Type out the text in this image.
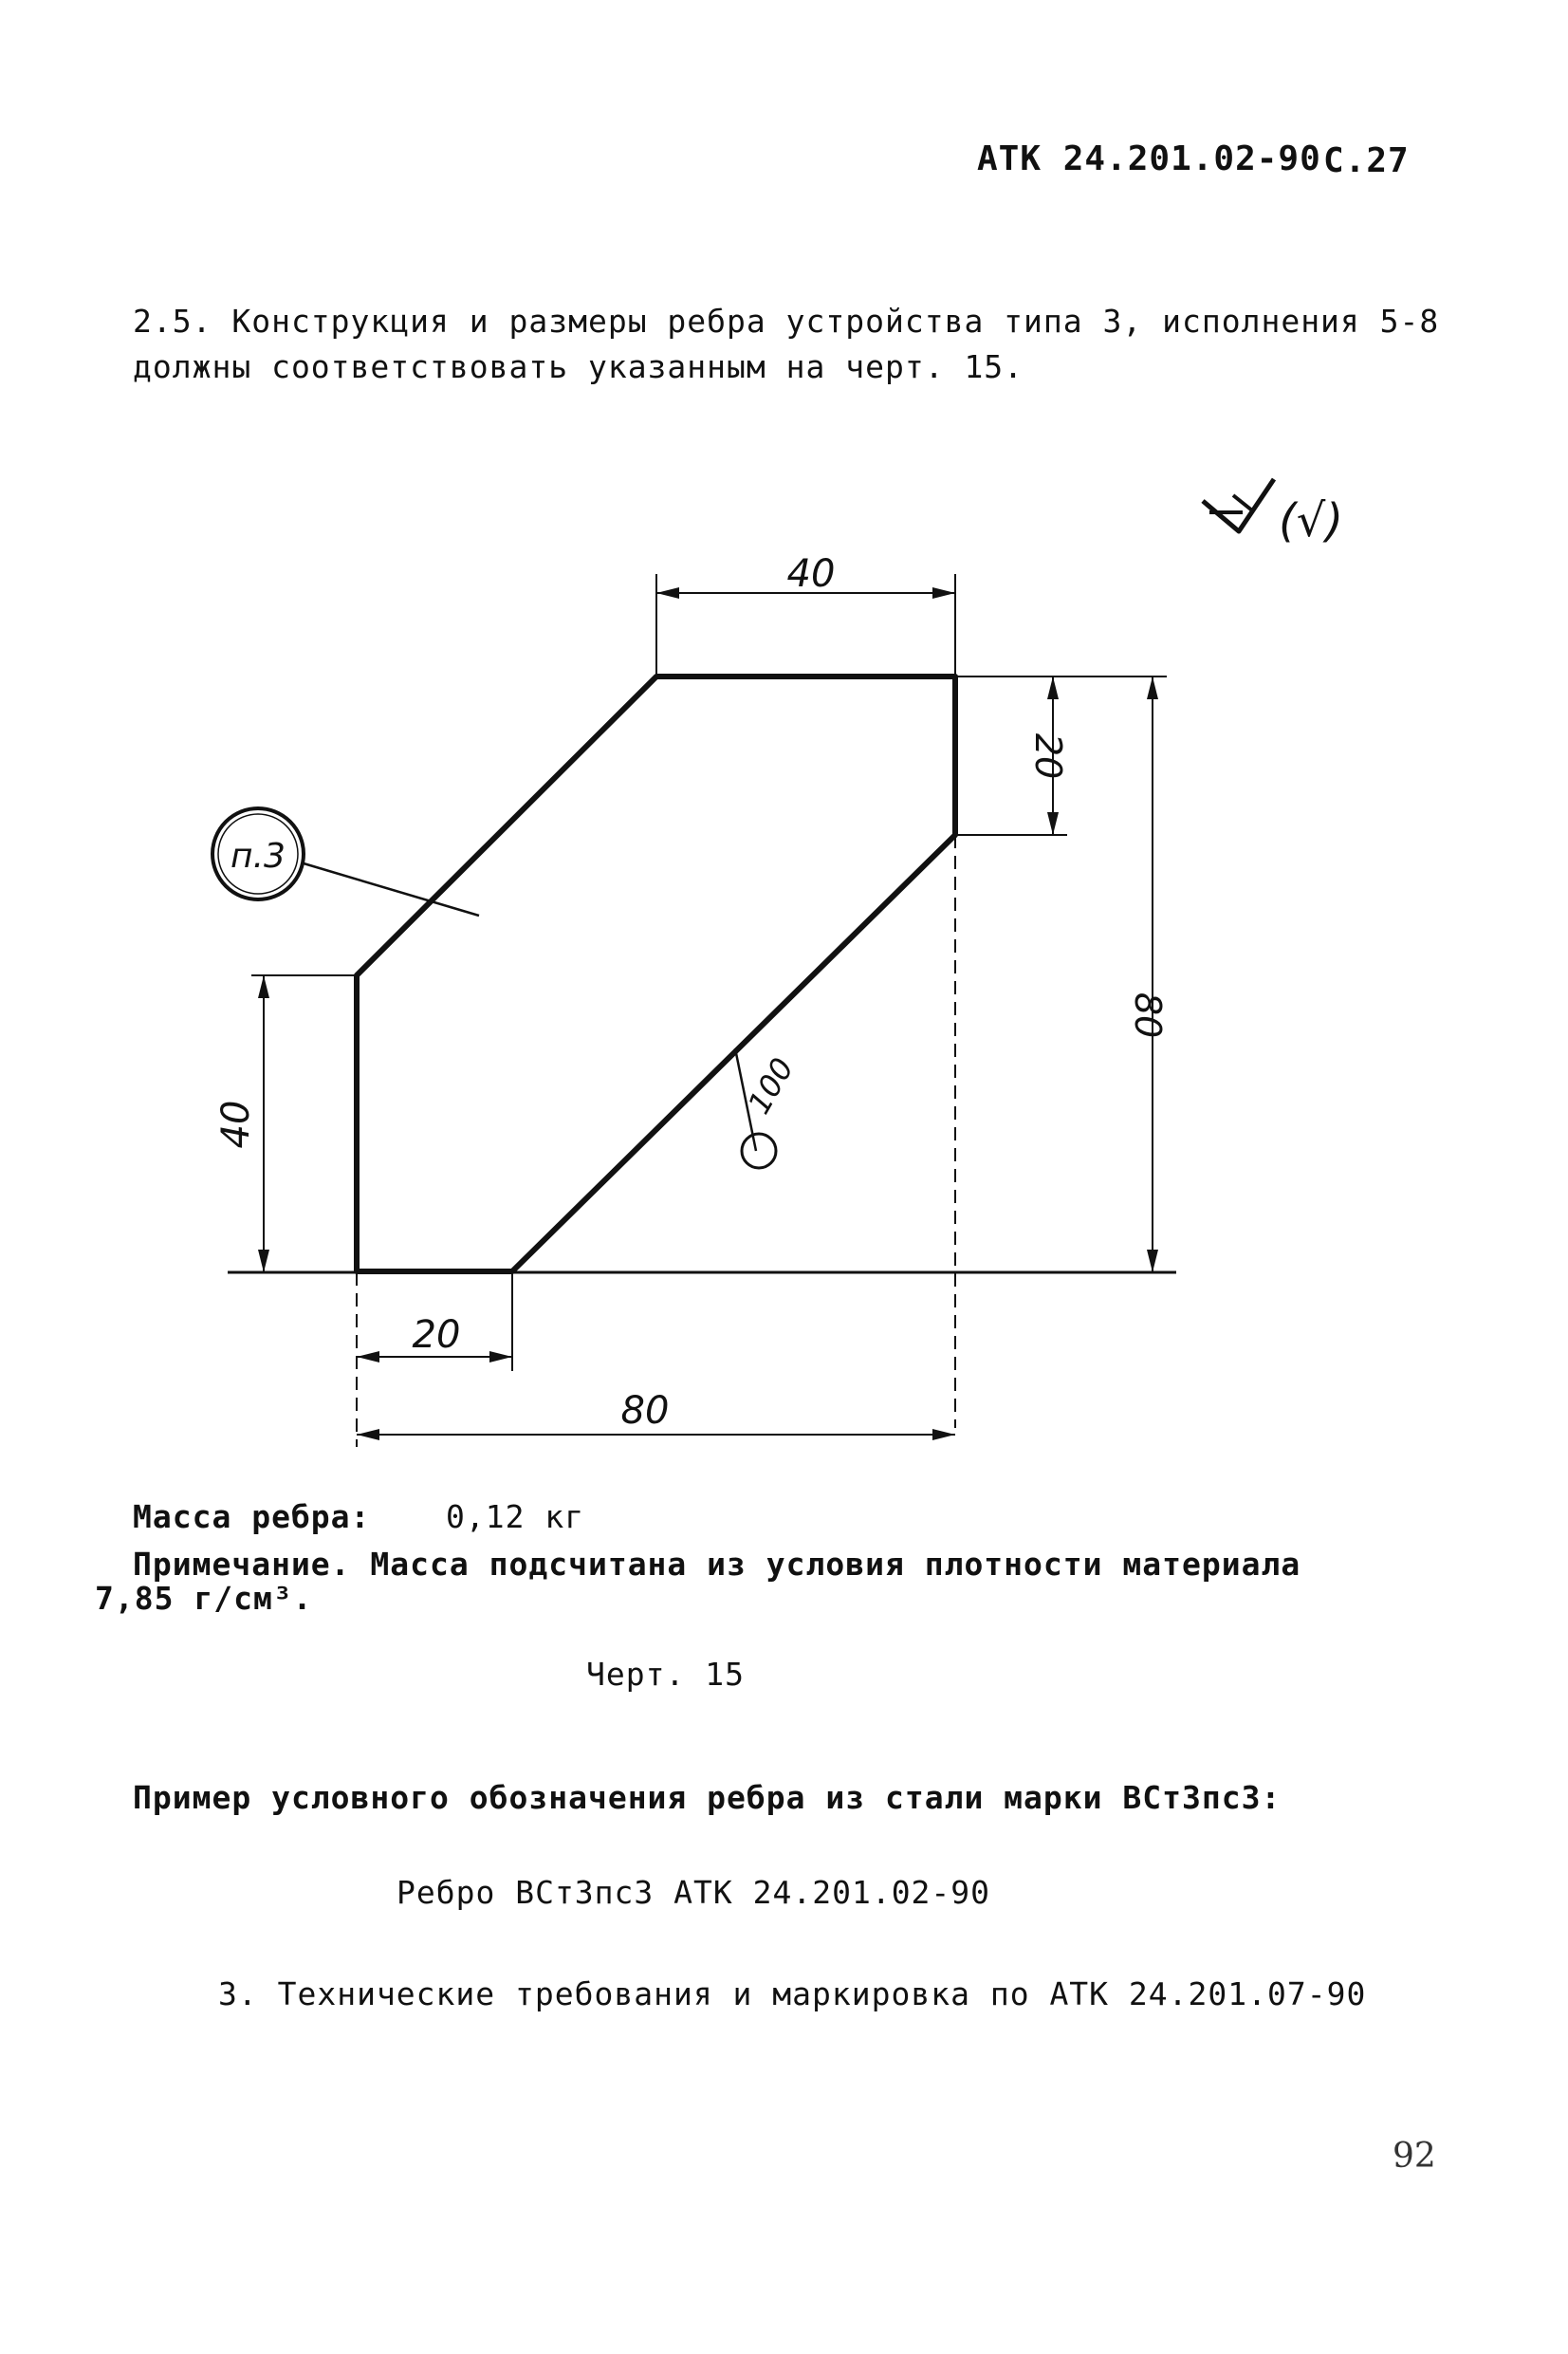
АТК 24.201.02-90 С.27
2.5. Конструкция и размеры ребра устройства типа 3, исполнения 5-8
должны соответствовать указанным на черт. 15.
40
20
80
40
20
80
п.3
100
(√)
Масса ребра: 0,12 кг
Примечание. Масса подсчитана из условия плотности материала
7,85 г/см³.
Черт. 15
Пример условного обозначения ребра из стали марки ВСт3пс3:
Ребро ВСт3пс3 АТК 24.201.02-90
3. Технические требования и маркировка по АТК 24.201.07-90
92
